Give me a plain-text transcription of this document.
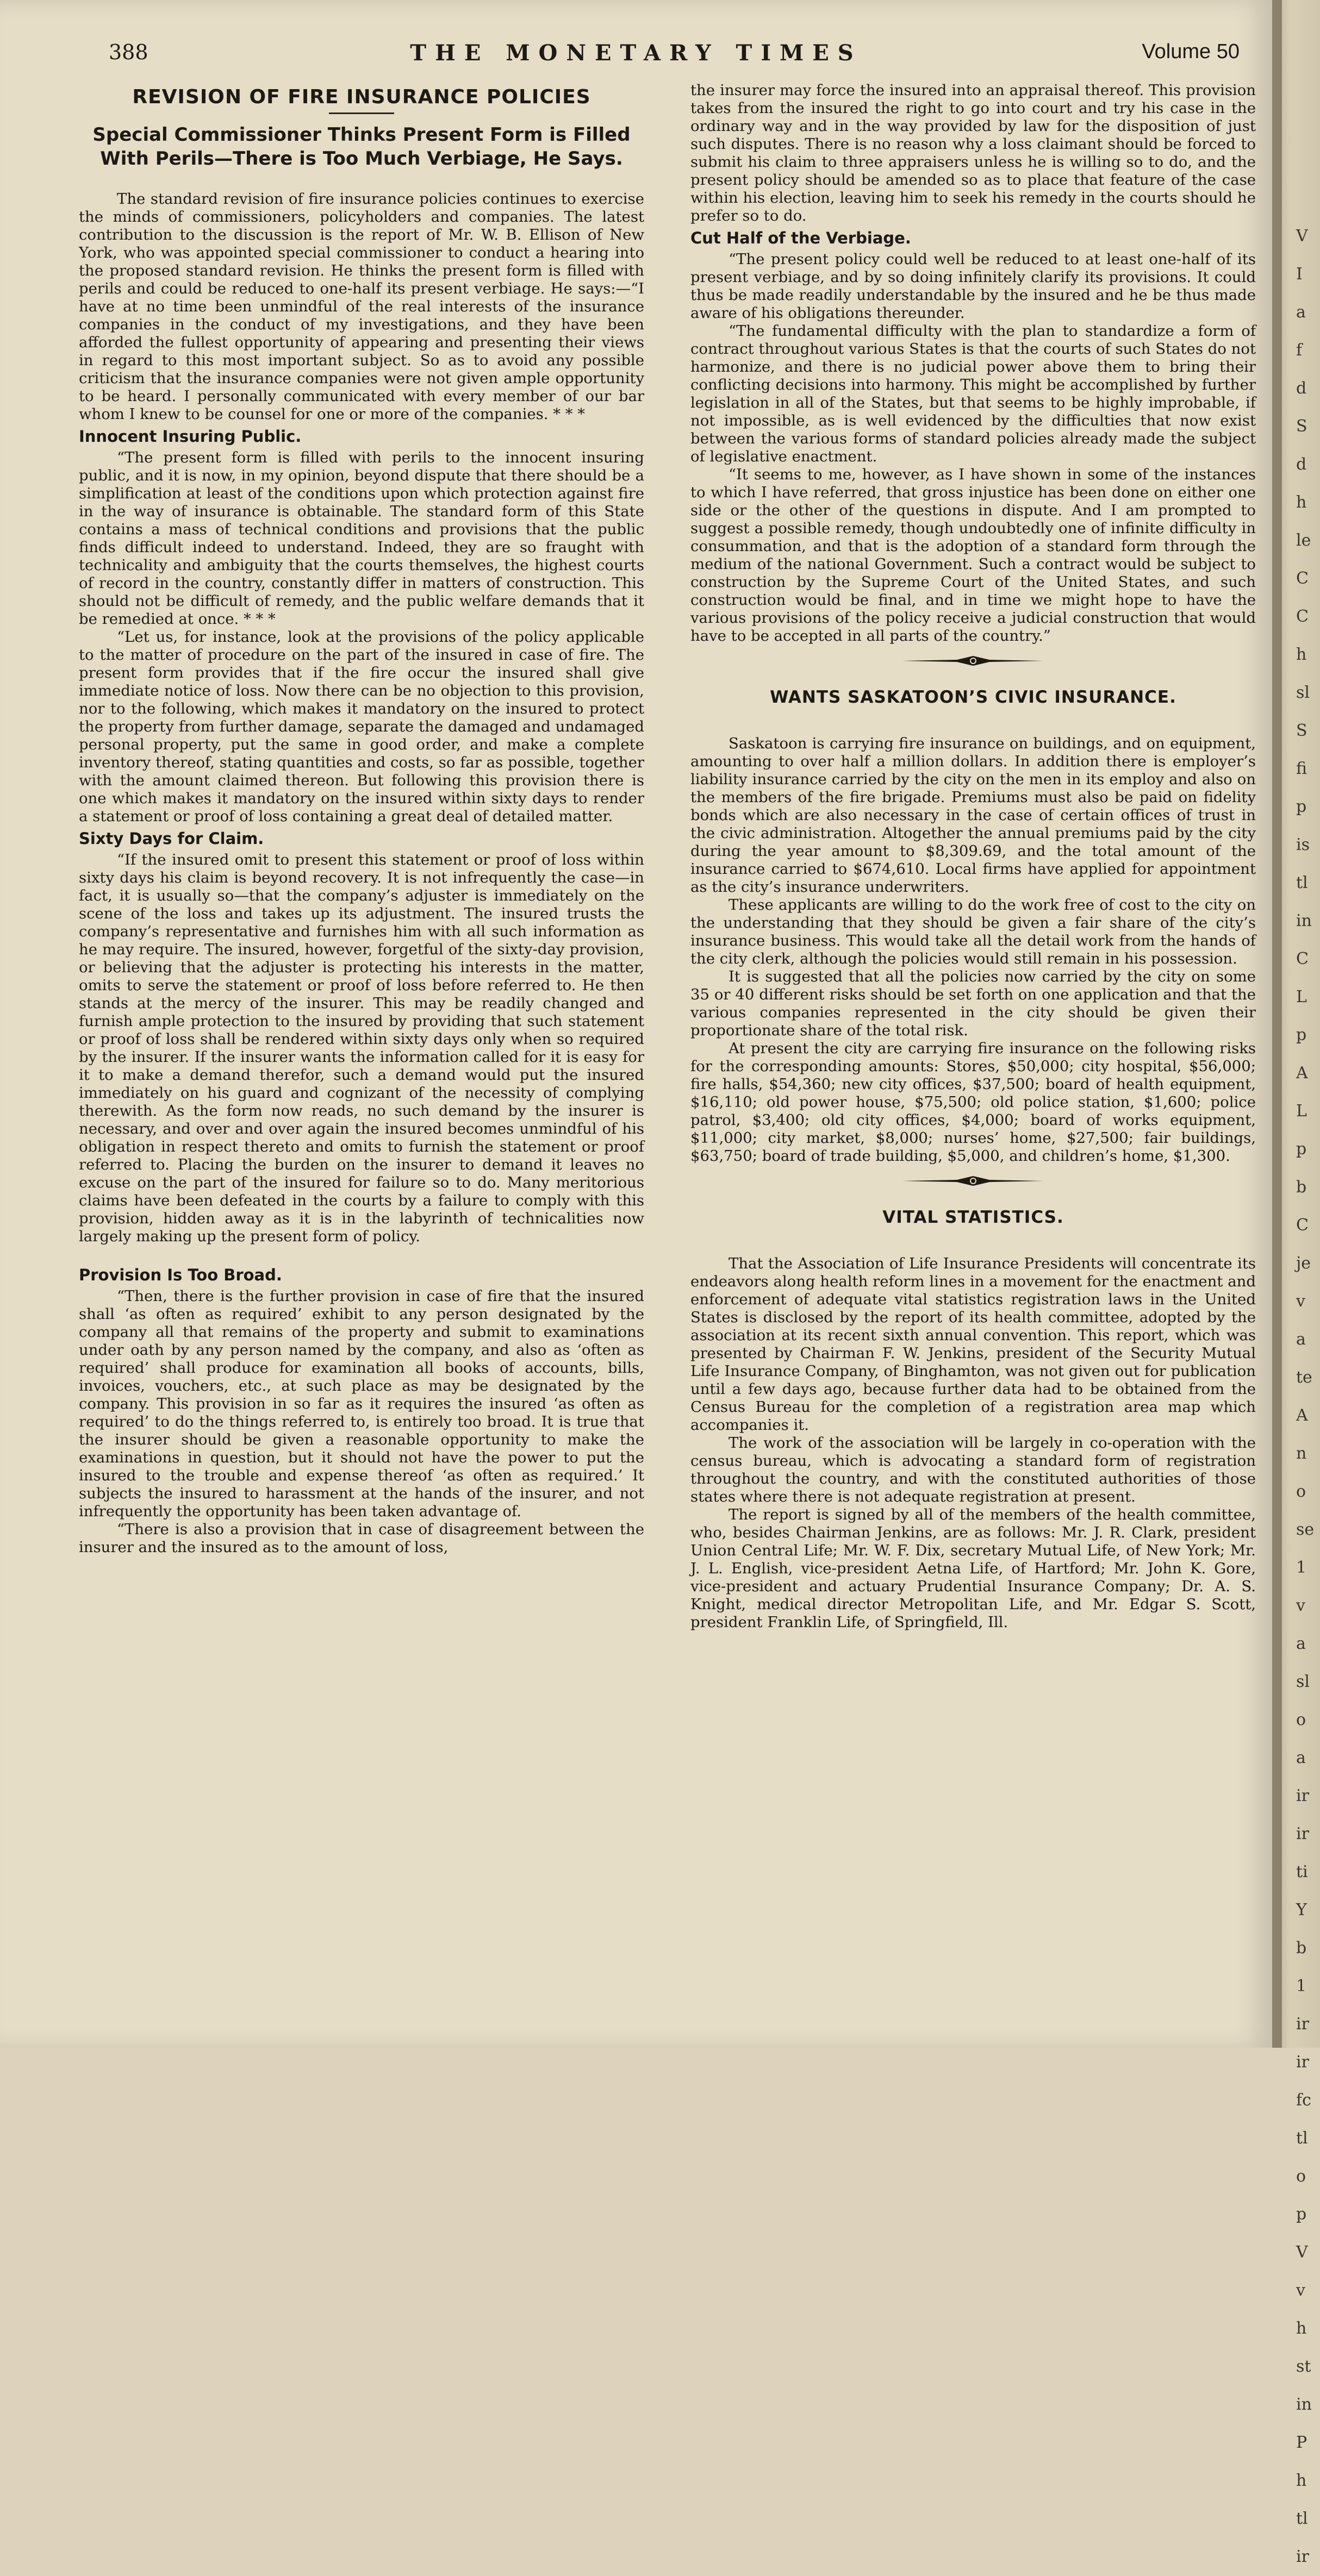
388	THE MONETARY TIMES	Volume 50
REVISION OF FIRE INSURANCE POLICIES
Special Commissioner Thinks Present Form is Filled With Perils—There is Too Much Verbiage, He Says.

The standard revision of fire insurance policies continues to exercise the minds of commissioners, policyholders and companies. The latest contribution to the discussion is the report of Mr. W. B. Ellison of New York, who was appointed special commissioner to conduct a hearing into the proposed standard revision. He thinks the present form is filled with perils and could be reduced to one-half its present verbiage. He says:—“I have at no time been unmindful of the real interests of the insurance companies in the conduct of my investigations, and they have been afforded the fullest opportunity of appearing and presenting their views in regard to this most important subject. So as to avoid any possible criticism that the insurance companies were not given ample opportunity to be heard. I personally communicated with every member of our bar whom I knew to be counsel for one or more of the companies. * * *

Innocent Insuring Public.

“The present form is filled with perils to the innocent insuring public, and it is now, in my opinion, beyond dispute that there should be a simplification at least of the conditions upon which protection against fire in the way of insurance is obtainable. The standard form of this State contains a mass of technical conditions and provisions that the public finds difficult indeed to understand. Indeed, they are so fraught with technicality and ambiguity that the courts themselves, the highest courts of record in the country, constantly differ in matters of construction. This should not be difficult of remedy, and the public welfare demands that it be remedied at once. * * *

“Let us, for instance, look at the provisions of the policy applicable to the matter of procedure on the part of the insured in case of fire. The present form provides that if the fire occur the insured shall give immediate notice of loss. Now there can be no objection to this provision, nor to the following, which makes it mandatory on the insured to protect the property from further damage, separate the damaged and undamaged personal property, put the same in good order, and make a complete inventory thereof, stating quantities and costs, so far as possible, together with the amount claimed thereon. But following this provision there is one which makes it mandatory on the insured within sixty days to render a statement or proof of loss containing a great deal of detailed matter.

Sixty Days for Claim.

“If the insured omit to present this statement or proof of loss within sixty days his claim is beyond recovery. It is not infrequently the case—in fact, it is usually so—that the company’s adjuster is immediately on the scene of the loss and takes up its adjustment. The insured trusts the company’s representative and furnishes him with all such information as he may require. The insured, however, forgetful of the sixty-day provision, or believing that the adjuster is protecting his interests in the matter, omits to serve the statement or proof of loss before referred to. He then stands at the mercy of the insurer. This may be readily changed and furnish ample protection to the insured by providing that such statement or proof of loss shall be rendered within sixty days only when so required by the insurer. If the insurer wants the information called for it is easy for it to make a demand therefor, such a demand would put the insured immediately on his guard and cognizant of the necessity of complying therewith. As the form now reads, no such demand by the insurer is necessary, and over and over again the insured becomes unmindful of his obligation in respect thereto and omits to furnish the statement or proof referred to. Placing the burden on the insurer to demand it leaves no excuse on the part of the insured for failure so to do. Many meritorious claims have been defeated in the courts by a failure to comply with this provision, hidden away as it is in the labyrinth of technicalities now largely making up the present form of policy.

Provision Is Too Broad.

“Then, there is the further provision in case of fire that the insured shall ‘as often as required’ exhibit to any person designated by the company all that remains of the property and submit to examinations under oath by any person named by the company, and also as ‘often as required’ shall produce for examination all books of accounts, bills, invoices, vouchers, etc., at such place as may be designated by the company. This provision in so far as it requires the insured ‘as often as required’ to do the things referred to, is entirely too broad. It is true that the insurer should be given a reasonable opportunity to make the examinations in question, but it should not have the power to put the insured to the trouble and expense thereof ‘as often as required.’ It subjects the insured to harassment at the hands of the insurer, and not infrequently the opportunity has been taken advantage of.

“There is also a provision that in case of disagreement between the insurer and the insured as to the amount of loss,

the insurer may force the insured into an appraisal thereof. This provision takes from the insured the right to go into court and try his case in the ordinary way and in the way provided by law for the disposition of just such disputes. There is no reason why a loss claimant should be forced to submit his claim to three appraisers unless he is willing so to do, and the present policy should be amended so as to place that feature of the case within his election, leaving him to seek his remedy in the courts should he prefer so to do.

Cut Half of the Verbiage.

“The present policy could well be reduced to at least one-half of its present verbiage, and by so doing infinitely clarify its provisions. It could thus be made readily understandable by the insured and he be thus made aware of his obligations thereunder.

“The fundamental difficulty with the plan to standardize a form of contract throughout various States is that the courts of such States do not harmonize, and there is no judicial power above them to bring their conflicting decisions into harmony. This might be accomplished by further legislation in all of the States, but that seems to be highly improbable, if not impossible, as is well evidenced by the difficulties that now exist between the various forms of standard policies already made the subject of legislative enactment.

“It seems to me, however, as I have shown in some of the instances to which I have referred, that gross injustice has been done on either one side or the other of the questions in dispute. And I am prompted to suggest a possible remedy, though undoubtedly one of infinite difficulty in consummation, and that is the adoption of a standard form through the medium of the national Government. Such a contract would be subject to construction by the Supreme Court of the United States, and such construction would be final, and in time we might hope to have the various provisions of the policy receive a judicial construction that would have to be accepted in all parts of the country.”

WANTS SASKATOON’S CIVIC INSURANCE.

Saskatoon is carrying fire insurance on buildings, and on equipment, amounting to over half a million dollars. In addition there is employer’s liability insurance carried by the city on the men in its employ and also on the members of the fire brigade. Premiums must also be paid on fidelity bonds which are also necessary in the case of certain offices of trust in the civic administration. Altogether the annual premiums paid by the city during the year amount to $8,309.69, and the total amount of the insurance carried to $674,610. Local firms have applied for appointment as the city’s insurance underwriters.

These applicants are willing to do the work free of cost to the city on the understanding that they should be given a fair share of the city’s insurance business. This would take all the detail work from the hands of the city clerk, although the policies would still remain in his possession.

It is suggested that all the policies now carried by the city on some 35 or 40 different risks should be set forth on one application and that the various companies represented in the city should be given their proportionate share of the total risk.

At present the city are carrying fire insurance on the following risks for the corresponding amounts: Stores, $50,000; city hospital, $56,000; fire halls, $54,360; new city offices, $37,500; board of health equipment, $16,110; old power house, $75,500; old police station, $1,600; police patrol, $3,400; old city offices, $4,000; board of works equipment, $11,000; city market, $8,000; nurses’ home, $27,500; fair buildings, $63,750; board of trade building, $5,000, and children’s home, $1,300.

VITAL STATISTICS.

That the Association of Life Insurance Presidents will concentrate its endeavors along health reform lines in a movement for the enactment and enforcement of adequate vital statistics registration laws in the United States is disclosed by the report of its health committee, adopted by the association at its recent sixth annual convention. This report, which was presented by Chairman F. W. Jenkins, president of the Security Mutual Life Insurance Company, of Binghamton, was not given out for publication until a few days ago, because further data had to be obtained from the Census Bureau for the completion of a registration area map which accompanies it.

The work of the association will be largely in co-operation with the census bureau, which is advocating a standard form of registration throughout the country, and with the constituted authorities of those states where there is not adequate registration at present.

The report is signed by all of the members of the health committee, who, besides Chairman Jenkins, are as follows: Mr. J. R. Clark, president Union Central Life; Mr. W. F. Dix, secretary Mutual Life, of New York; Mr. J. L. English, vice-president Aetna Life, of Hartford; Mr. John K. Gore, vice-president and actuary Prudential Insurance Company; Dr. A. S. Knight, medical director Metropolitan Life, and Mr. Edgar S. Scott, president Franklin Life, of Springfield, Ill.

V
I
a
f
d
S
d
h
le
C
C
h
sl
S
fi
p
is
tl
in
C
L
p
A
L
p
b
C
je
v
a
te
A
n
o
se
1
v
a
sl
o
a
ir
ir
ti
Y
b
1
ir
ir
fc
tl
o
p
V
v
h
st
in
P
h
tl
ir
